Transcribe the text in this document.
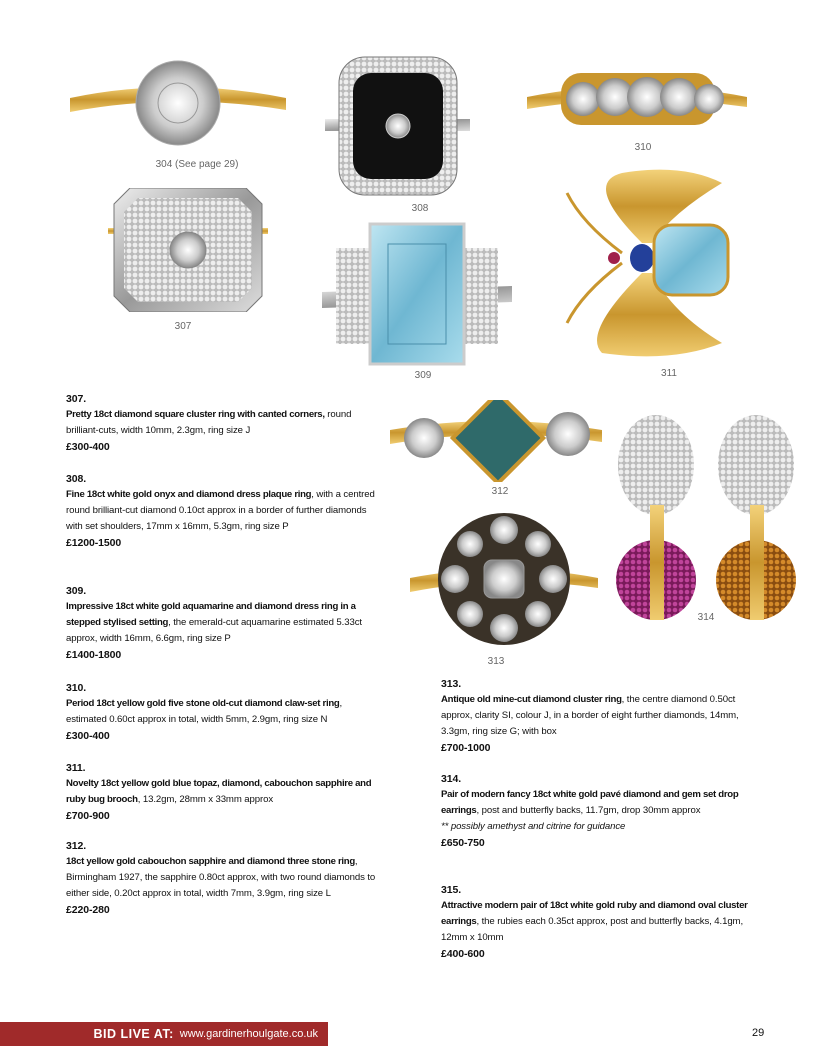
304 (See page 29)
308
310
307
309	311
312
313
314
307.
Pretty 18ct diamond square cluster ring with canted corners, round brilliant-cuts, width 10mm, 2.3gm, ring size J
£300-400
308.
Fine 18ct white gold onyx and diamond dress plaque ring, with a centred round brilliant-cut diamond 0.10ct approx in a border of further diamonds with set shoulders, 17mm x 16mm, 5.3gm, ring size P
£1200-1500
309.
Impressive 18ct white gold aquamarine and diamond dress ring in a stepped stylised setting, the emerald-cut aquamarine estimated 5.33ct approx, width 16mm, 6.6gm, ring size P
£1400-1800
310.
Period 18ct yellow gold five stone old-cut diamond claw-set ring, estimated 0.60ct approx in total, width 5mm, 2.9gm, ring size N
£300-400
311.
Novelty 18ct yellow gold blue topaz, diamond, cabouchon sapphire and ruby bug brooch, 13.2gm, 28mm x 33mm approx
£700-900
312.
18ct yellow gold cabouchon sapphire and diamond three stone ring, Birmingham 1927, the sapphire 0.80ct approx, with two round diamonds to either side, 0.20ct approx in total, width 7mm, 3.9gm, ring size L
£220-280
313.
Antique old mine-cut diamond cluster ring, the centre diamond 0.50ct approx, clarity SI, colour J, in a border of eight further diamonds, 14mm, 3.3gm, ring size G; with box
£700-1000
314.
Pair of modern fancy 18ct white gold pavé diamond and gem set drop earrings, post and butterfly backs, 11.7gm, drop 30mm approx
** possibly amethyst and citrine for guidance
£650-750
315.
Attractive modern pair of 18ct white gold ruby and diamond oval cluster earrings, the rubies each 0.35ct approx, post and butterfly backs, 4.1gm, 12mm x 10mm
£400-600
BID LIVE AT: www.gardinerhoulgate.co.uk	29
